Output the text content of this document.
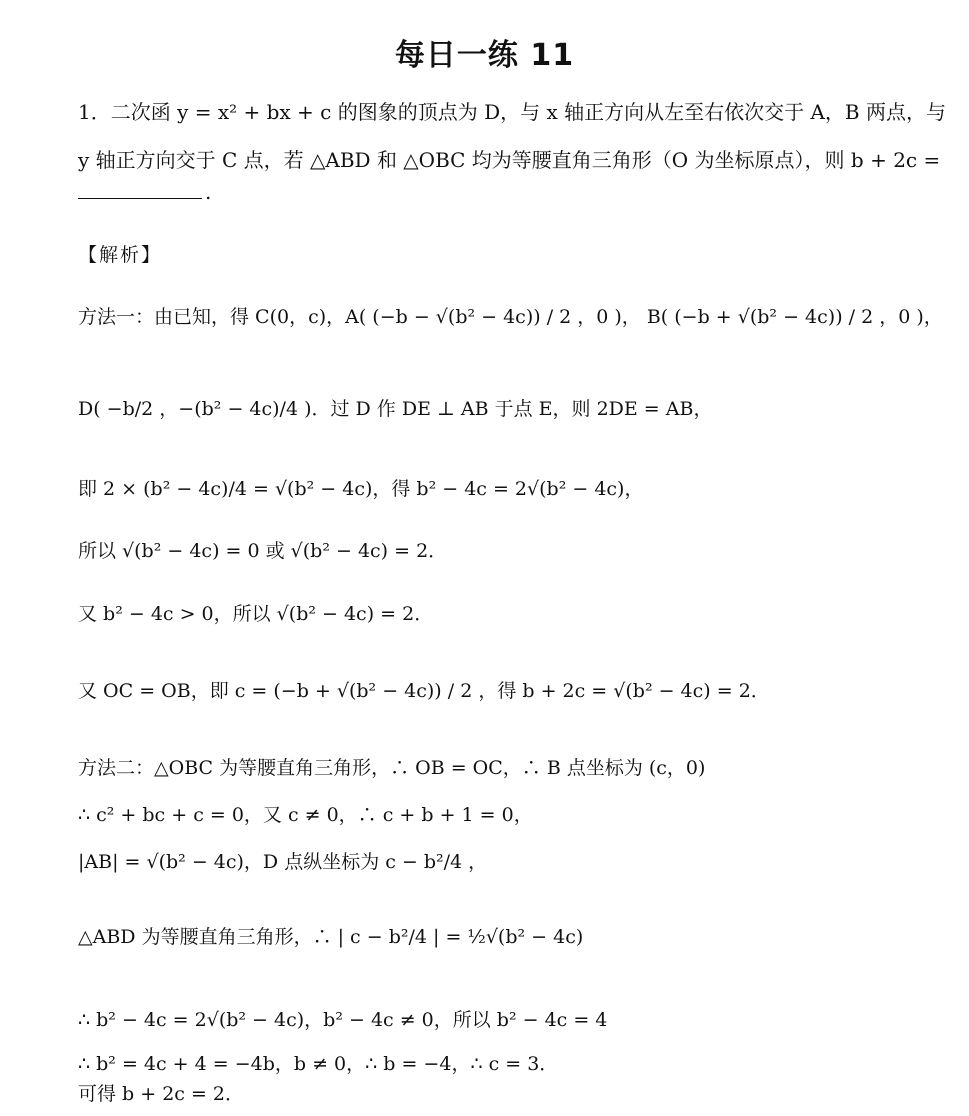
每日一练 11
1．二次函 y = x² + bx + c 的图象的顶点为 D，与 x 轴正方向从左至右依次交于 A，B 两点，与
y 轴正方向交于 C 点，若 △ABD 和 △OBC 均为等腰直角三角形（O 为坐标原点），则 b + 2c =
.
【解析】
方法一：由已知，得 C(0，c)，A( (−b − √(b² − 4c)) / 2 ，0 )， B( (−b + √(b² − 4c)) / 2 ，0 )，
D( −b/2 ，−(b² − 4c)/4 )．过 D 作 DE ⊥ AB 于点 E，则 2DE = AB，
即 2 × (b² − 4c)/4 = √(b² − 4c)，得 b² − 4c = 2√(b² − 4c)，
所以 √(b² − 4c) = 0 或 √(b² − 4c) = 2．
又 b² − 4c > 0，所以 √(b² − 4c) = 2．
又 OC = OB，即 c = (−b + √(b² − 4c)) / 2 ，得 b + 2c = √(b² − 4c) = 2．
方法二：△OBC 为等腰直角三角形，∴ OB = OC，∴ B 点坐标为 (c，0)
∴ c² + bc + c = 0，又 c ≠ 0，∴ c + b + 1 = 0，
|AB| = √(b² − 4c)，D 点纵坐标为 c − b²/4 ，
△ABD 为等腰直角三角形，∴ | c − b²/4 | = ½√(b² − 4c)
∴ b² − 4c = 2√(b² − 4c)，b² − 4c ≠ 0，所以 b² − 4c = 4
∴ b² = 4c + 4 = −4b，b ≠ 0，∴ b = −4，∴ c = 3．
可得 b + 2c = 2．
